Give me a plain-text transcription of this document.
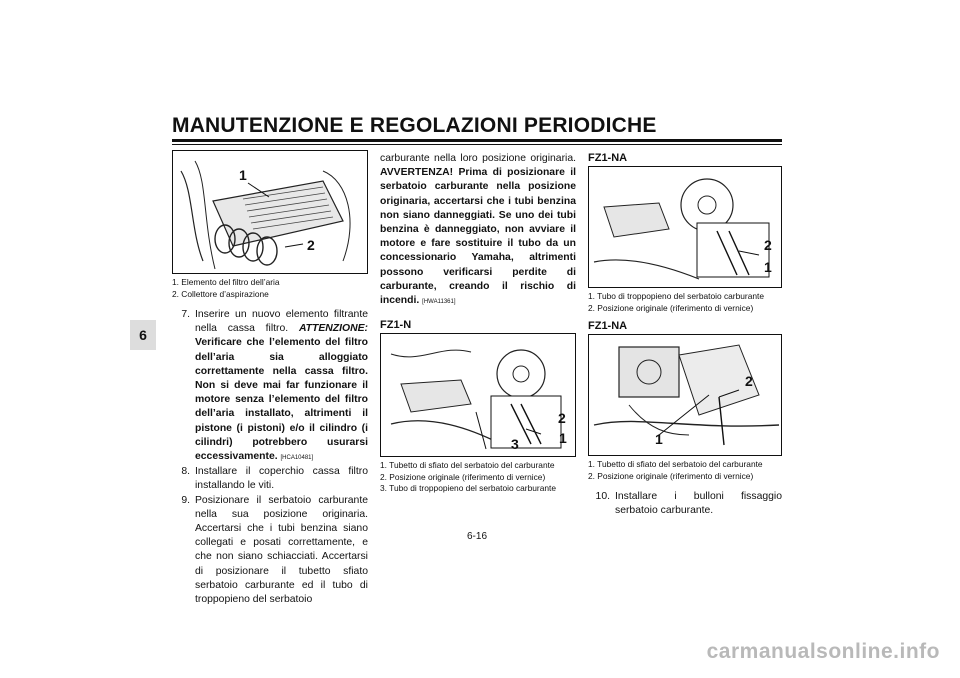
MANUTENZIONE E REGOLAZIONI PERIODICHE
6
1
2
1. Elemento del filtro dell’aria
2. Collettore d’aspirazione
7. Inserire un nuovo elemento filtrante nella cassa filtro. ATTENZIONE: Verificare che l’elemento del filtro dell’aria sia alloggiato correttamente nella cassa filtro. Non si deve mai far funzionare il motore senza l’elemento del filtro dell’aria installato, altrimenti il pistone (i pistoni) e/o il cilindro (i cilindri) potrebbero usurarsi eccessivamente. [HCA10481]
8. Installare il coperchio cassa filtro installando le viti.
9. Posizionare il serbatoio carburante nella sua posizione originaria. Accertarsi che i tubi benzina siano collegati e posati correttamente, e che non siano schiacciati. Accertarsi di posizionare il tubetto sfiato serbatoio carburante ed il tubo di troppopieno del serbatoio
carburante nella loro posizione originaria. AVVERTENZA! Prima di posizionare il serbatoio carburante nella posizione originaria, accertarsi che i tubi benzina non siano danneggiati. Se uno dei tubi benzina è danneggiato, non avviare il motore e fare sostituire il tubo da un concessionario Yamaha, altrimenti possono verificarsi perdite di carburante, creando il rischio di incendi. [HWA11361]
FZ1-N
2
1
3
1. Tubetto di sfiato del serbatoio del carburante
2. Posizione originale (riferimento di vernice)
3. Tubo di troppopieno del serbatoio carburante
FZ1-NA
2
1
1. Tubo di troppopieno del serbatoio carburante
2. Posizione originale (riferimento di vernice)
FZ1-NA
2
1
1. Tubetto di sfiato del serbatoio del carburante
2. Posizione originale (riferimento di vernice)
10. Installare i bulloni fissaggio serbatoio carburante.
6-16
carmanualsonline.info
